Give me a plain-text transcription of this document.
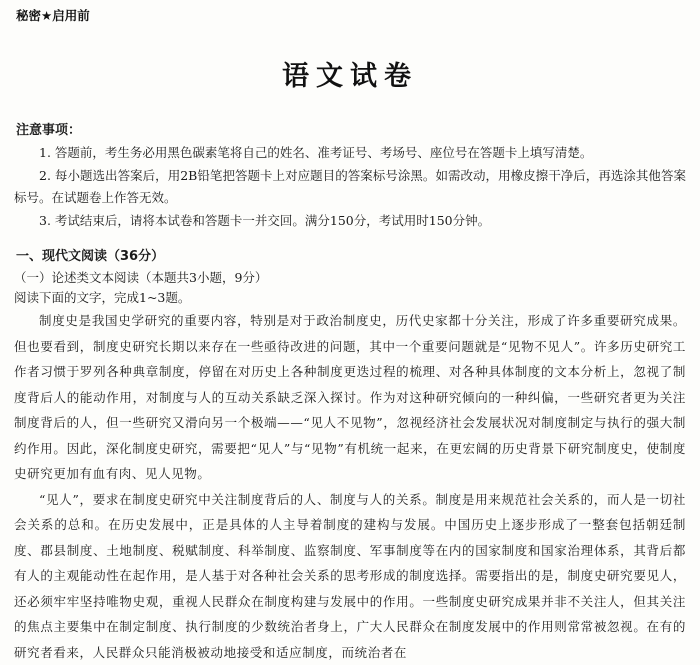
秘密★启用前
语文试卷
注意事项：

1. 答题前，考生务必用黑色碳素笔将自己的姓名、准考证号、考场号、座位号在答题卡上填写清楚。

2. 每小题选出答案后，用2B铅笔把答题卡上对应题目的答案标号涂黑。如需改动，用橡皮擦干净后，再选涂其他答案标号。在试题卷上作答无效。

3. 考试结束后，请将本试卷和答题卡一并交回。满分150分，考试用时150分钟。

一、现代文阅读（36分）
（一）论述类文本阅读（本题共3小题，9分）
阅读下面的文字，完成1~3题。

制度史是我国史学研究的重要内容，特别是对于政治制度史，历代史家都十分关注，形成了许多重要研究成果。但也要看到，制度史研究长期以来存在一些亟待改进的问题，其中一个重要问题就是“见物不见人”。许多历史研究工作者习惯于罗列各种典章制度，停留在对历史上各种制度更迭过程的梳理、对各种具体制度的文本分析上，忽视了制度背后人的能动作用，对制度与人的互动关系缺乏深入探讨。作为对这种研究倾向的一种纠偏，一些研究者更为关注制度背后的人，但一些研究又滑向另一个极端——“见人不见物”，忽视经济社会发展状况对制度制定与执行的强大制约作用。因此，深化制度史研究，需要把“见人”与“见物”有机统一起来，在更宏阔的历史背景下研究制度史，使制度史研究更加有血有肉、见人见物。

“见人”，要求在制度史研究中关注制度背后的人、制度与人的关系。制度是用来规范社会关系的，而人是一切社会关系的总和。在历史发展中，正是具体的人主导着制度的建构与发展。中国历史上逐步形成了一整套包括朝廷制度、郡县制度、土地制度、税赋制度、科举制度、监察制度、军事制度等在内的国家制度和国家治理体系，其背后都有人的主观能动性在起作用，是人基于对各种社会关系的思考形成的制度选择。需要指出的是，制度史研究要见人，还必须牢牢坚持唯物史观，重视人民群众在制度构建与发展中的作用。一些制度史研究成果并非不关注人，但其关注的焦点主要集中在制定制度、执行制度的少数统治者身上，广大人民群众在制度发展中的作用则常常被忽视。在有的研究者看来，人民群众只能消极被动地接受和适应制度，而统治者在
